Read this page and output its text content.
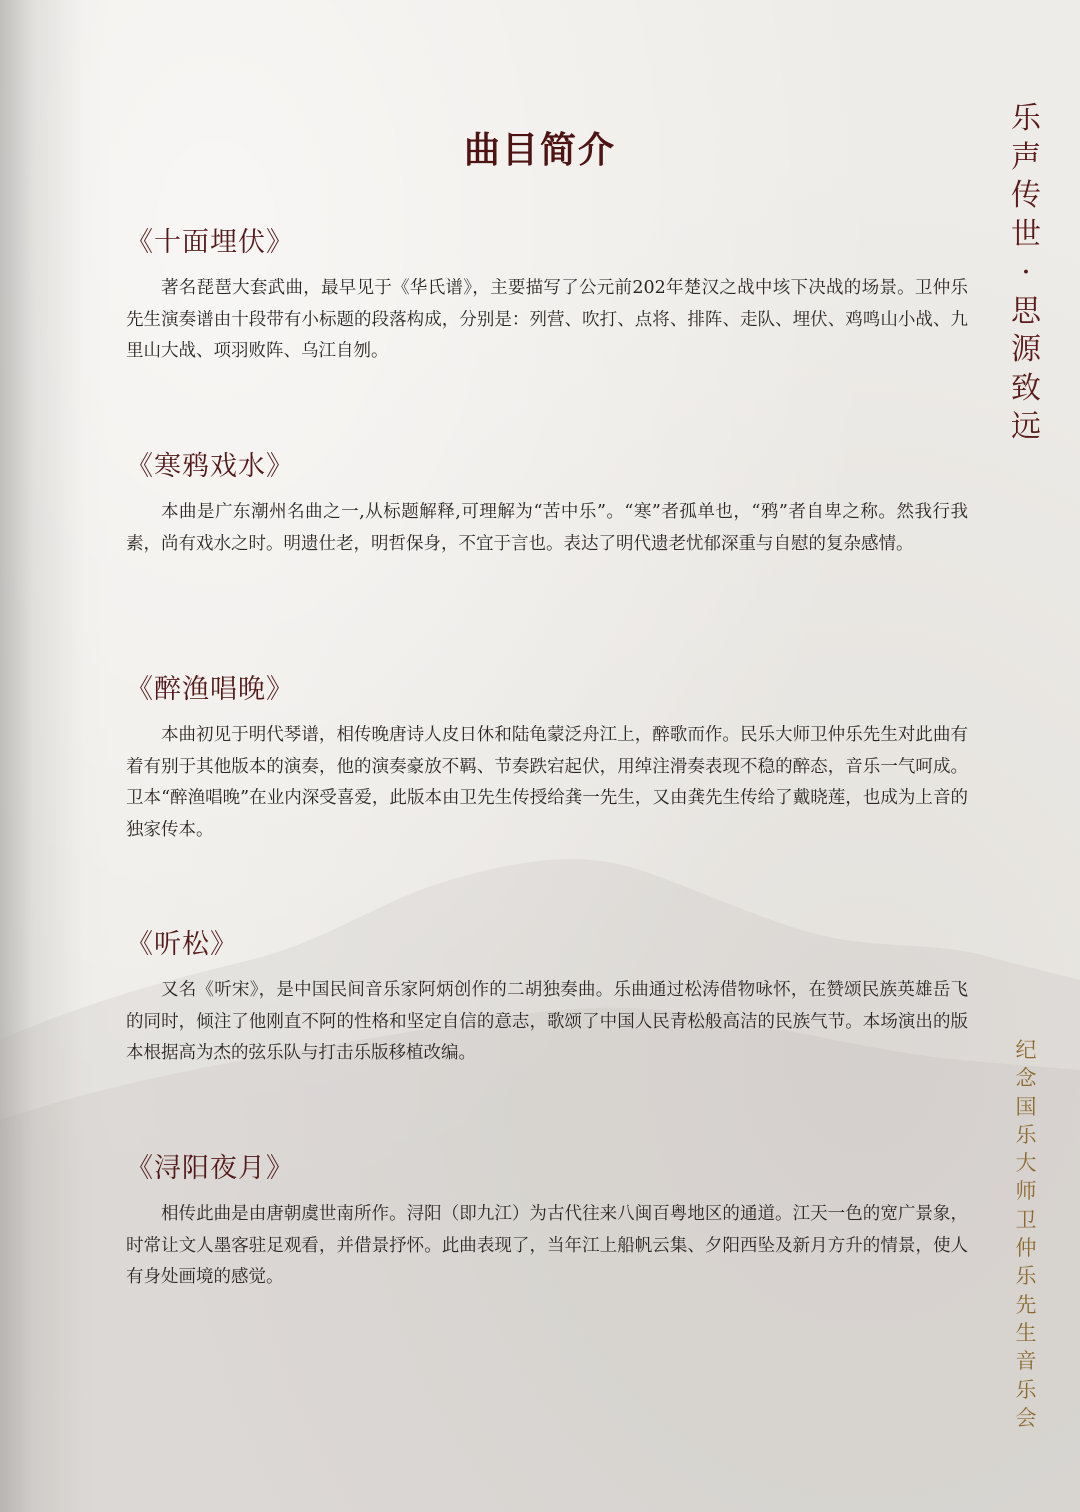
曲目简介
《十面埋伏》

著名琵琶大套武曲，最早见于《华氏谱》，主要描写了公元前202年楚汉之战中垓下决战的场景。卫仲乐先生演奏谱由十段带有小标题的段落构成，分别是：列营、吹打、点将、排阵、走队、埋伏、鸡鸣山小战、九里山大战、项羽败阵、乌江自刎。

《寒鸦戏水》

本曲是广东潮州名曲之一,从标题解释,可理解为“苦中乐”。“寒”者孤单也，“鸦”者自卑之称。然我行我素，尚有戏水之时。明遗仕老，明哲保身，不宜于言也。表达了明代遗老忧郁深重与自慰的复杂感情。

《醉渔唱晚》

本曲初见于明代琴谱，相传晚唐诗人皮日休和陆龟蒙泛舟江上，醉歌而作。民乐大师卫仲乐先生对此曲有着有别于其他版本的演奏，他的演奏豪放不羁、节奏跌宕起伏，用绰注滑奏表现不稳的醉态，音乐一气呵成。卫本“醉渔唱晚”在业内深受喜爱，此版本由卫先生传授给龚一先生，又由龚先生传给了戴晓莲，也成为上音的独家传本。

《听松》

又名《听宋》，是中国民间音乐家阿炳创作的二胡独奏曲。乐曲通过松涛借物咏怀，在赞颂民族英雄岳飞的同时，倾注了他刚直不阿的性格和坚定自信的意志，歌颂了中国人民青松般高洁的民族气节。本场演出的版本根据高为杰的弦乐队与打击乐版移植改编。

《浔阳夜月》

相传此曲是由唐朝虞世南所作。浔阳（即九江）为古代往来八闽百粤地区的通道。江天一色的宽广景象，时常让文人墨客驻足观看，并借景抒怀。此曲表现了，当年江上船帆云集、夕阳西坠及新月方升的情景，使人有身处画境的感觉。

乐
声
传
世
·
思
源
致
远
纪
念
国
乐
大
师
卫
仲
乐
先
生
音
乐
会
